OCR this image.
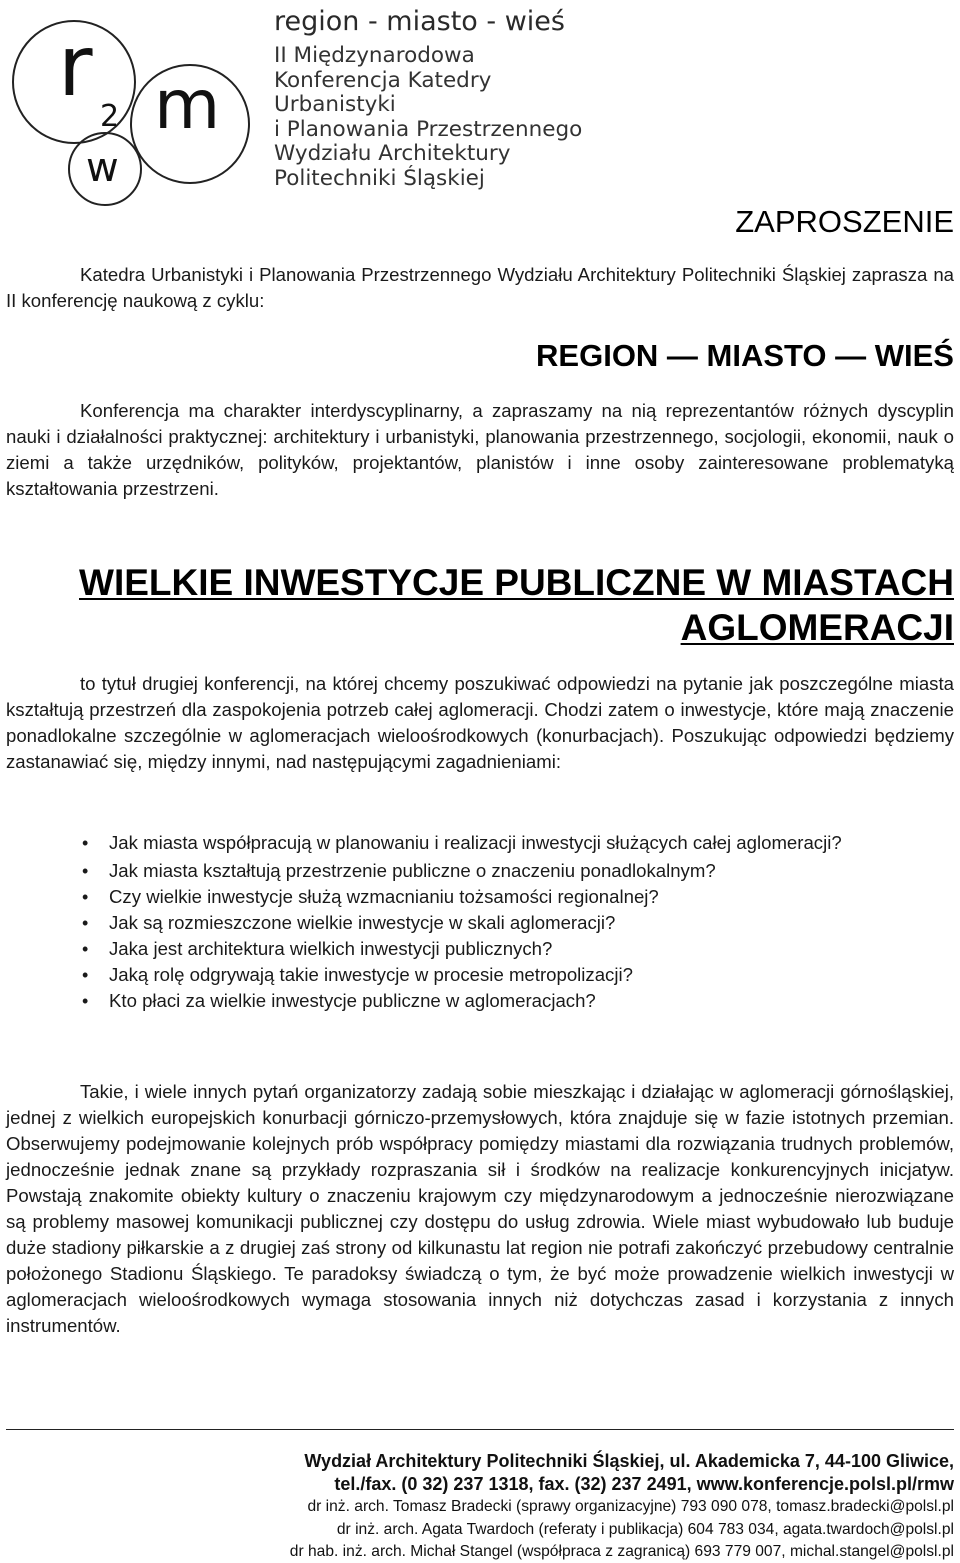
r
2 m
w
region - miasto - wieś
II Międzynarodowa
Konferencja Katedry
Urbanistyki
i Planowania Przestrzennego
Wydziału Architektury
Politechniki Śląskiej
ZAPROSZENIE

Katedra Urbanistyki i Planowania Przestrzennego Wydziału Architektury Politechniki Śląskiej zaprasza na II konferencję naukową z cyklu:

REGION — MIASTO — WIEŚ

Konferencja ma charakter interdyscyplinarny, a zapraszamy na nią reprezentantów różnych dyscyplin nauki i działalności praktycznej: architektury i urbanistyki, planowania przestrzennego, socjologii, ekonomii, nauk o ziemi a także urzędników, polityków, projektantów, planistów i inne osoby zainteresowane problematyką kształtowania przestrzeni.

WIELKIE INWESTYCJE PUBLICZNE W MIASTACH
AGLOMERACJI

to tytuł drugiej konferencji, na której chcemy poszukiwać odpowiedzi na pytanie jak poszczególne miasta kształtują przestrzeń dla zaspokojenia potrzeb całej aglomeracji. Chodzi zatem o inwestycje, które mają znaczenie ponadlokalne szczególnie w aglomeracjach wieloośrodkowych (konurbacjach). Poszukując odpowiedzi będziemy zastanawiać się, między innymi, nad następującymi zagadnieniami:

• Jak miasta współpracują w planowaniu i realizacji inwestycji służących całej aglomeracji?
• Jak miasta kształtują przestrzenie publiczne o znaczeniu ponadlokalnym?
• Czy wielkie inwestycje służą wzmacnianiu tożsamości regionalnej?
• Jak są rozmieszczone wielkie inwestycje w skali aglomeracji?
• Jaka jest architektura wielkich inwestycji publicznych?
• Jaką rolę odgrywają takie inwestycje w procesie metropolizacji?
• Kto płaci za wielkie inwestycje publiczne w aglomeracjach?

Takie, i wiele innych pytań organizatorzy zadają sobie mieszkając i działając w aglomeracji górnośląskiej, jednej z wielkich europejskich konurbacji górniczo-przemysłowych, która znajduje się w fazie istotnych przemian. Obserwujemy podejmowanie kolejnych prób współpracy pomiędzy miastami dla rozwiązania trudnych problemów, jednocześnie jednak znane są przykłady rozpraszania sił i środków na realizacje konkurencyjnych inicjatyw. Powstają znakomite obiekty kultury o znaczeniu krajowym czy międzynarodowym a jednocześnie nierozwiązane są problemy masowej komunikacji publicznej czy dostępu do usług zdrowia. Wiele miast wybudowało lub buduje duże stadiony piłkarskie a z drugiej zaś strony od kilkunastu lat region nie potrafi zakończyć przebudowy centralnie położonego Stadionu Śląskiego. Te paradoksy świadczą o tym, że być może prowadzenie wielkich inwestycji w aglomeracjach wieloośrodkowych wymaga stosowania innych niż dotychczas zasad i korzystania z innych instrumentów.

Wydział Architektury Politechniki Śląskiej, ul. Akademicka 7, 44-100 Gliwice,

tel./fax. (0 32) 237 1318, fax. (32) 237 2491, www.konferencje.polsl.pl/rmw

dr inż. arch. Tomasz Bradecki (sprawy organizacyjne) 793 090 078, tomasz.bradecki@polsl.pl

dr inż. arch. Agata Twardoch (referaty i publikacja) 604 783 034, agata.twardoch@polsl.pl

dr hab. inż. arch. Michał Stangel (współpraca z zagranicą) 693 779 007, michal.stangel@polsl.pl
